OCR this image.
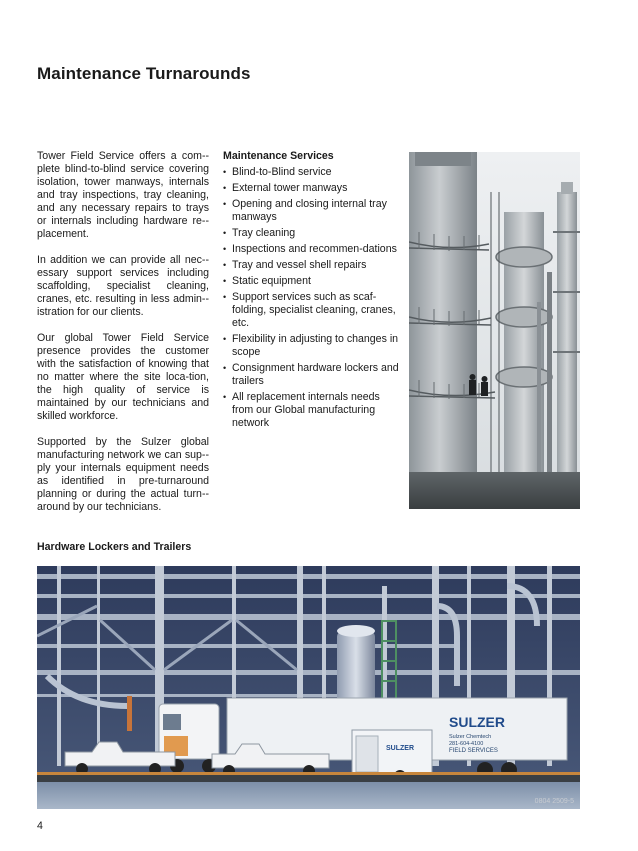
Maintenance Turnarounds

Tower Field Service offers a com-plete blind-to-blind service covering isolation, tower manways, internals and tray inspections, tray cleaning, and any necessary repairs to trays or internals including hardware re-placement.

In addition we can provide all nec-essary support services including scaffolding, specialist cleaning, cranes, etc. resulting in less admin-istration for our clients.

Our global Tower Field Service presence provides the customer with the satisfaction of knowing that no matter where the site loca-tion, the high quality of service is maintained by our technicians and skilled workforce.

Supported by the Sulzer global manufacturing network we can sup-ply your internals equipment needs as identified in pre-turnaround planning or during the actual turn-around by our technicians.

Maintenance Services
• Blind-to-Blind service
• External tower manways
• Opening and closing internal tray manways
• Tray cleaning
• Inspections and recommen-dations
• Tray and vessel shell repairs
• Static equipment
• Support services such as scaf-folding, specialist cleaning, cranes, etc.
• Flexibility in adjusting to changes in scope
• Consignment hardware lockers and trailers
• All replacement internals needs from our Global manufacturing network
Hardware Lockers and Trailers
SULZER
Sulzer Chemtech
281-604-4100
FIELD SERVICES
SULZER
0804 2509-5
4
